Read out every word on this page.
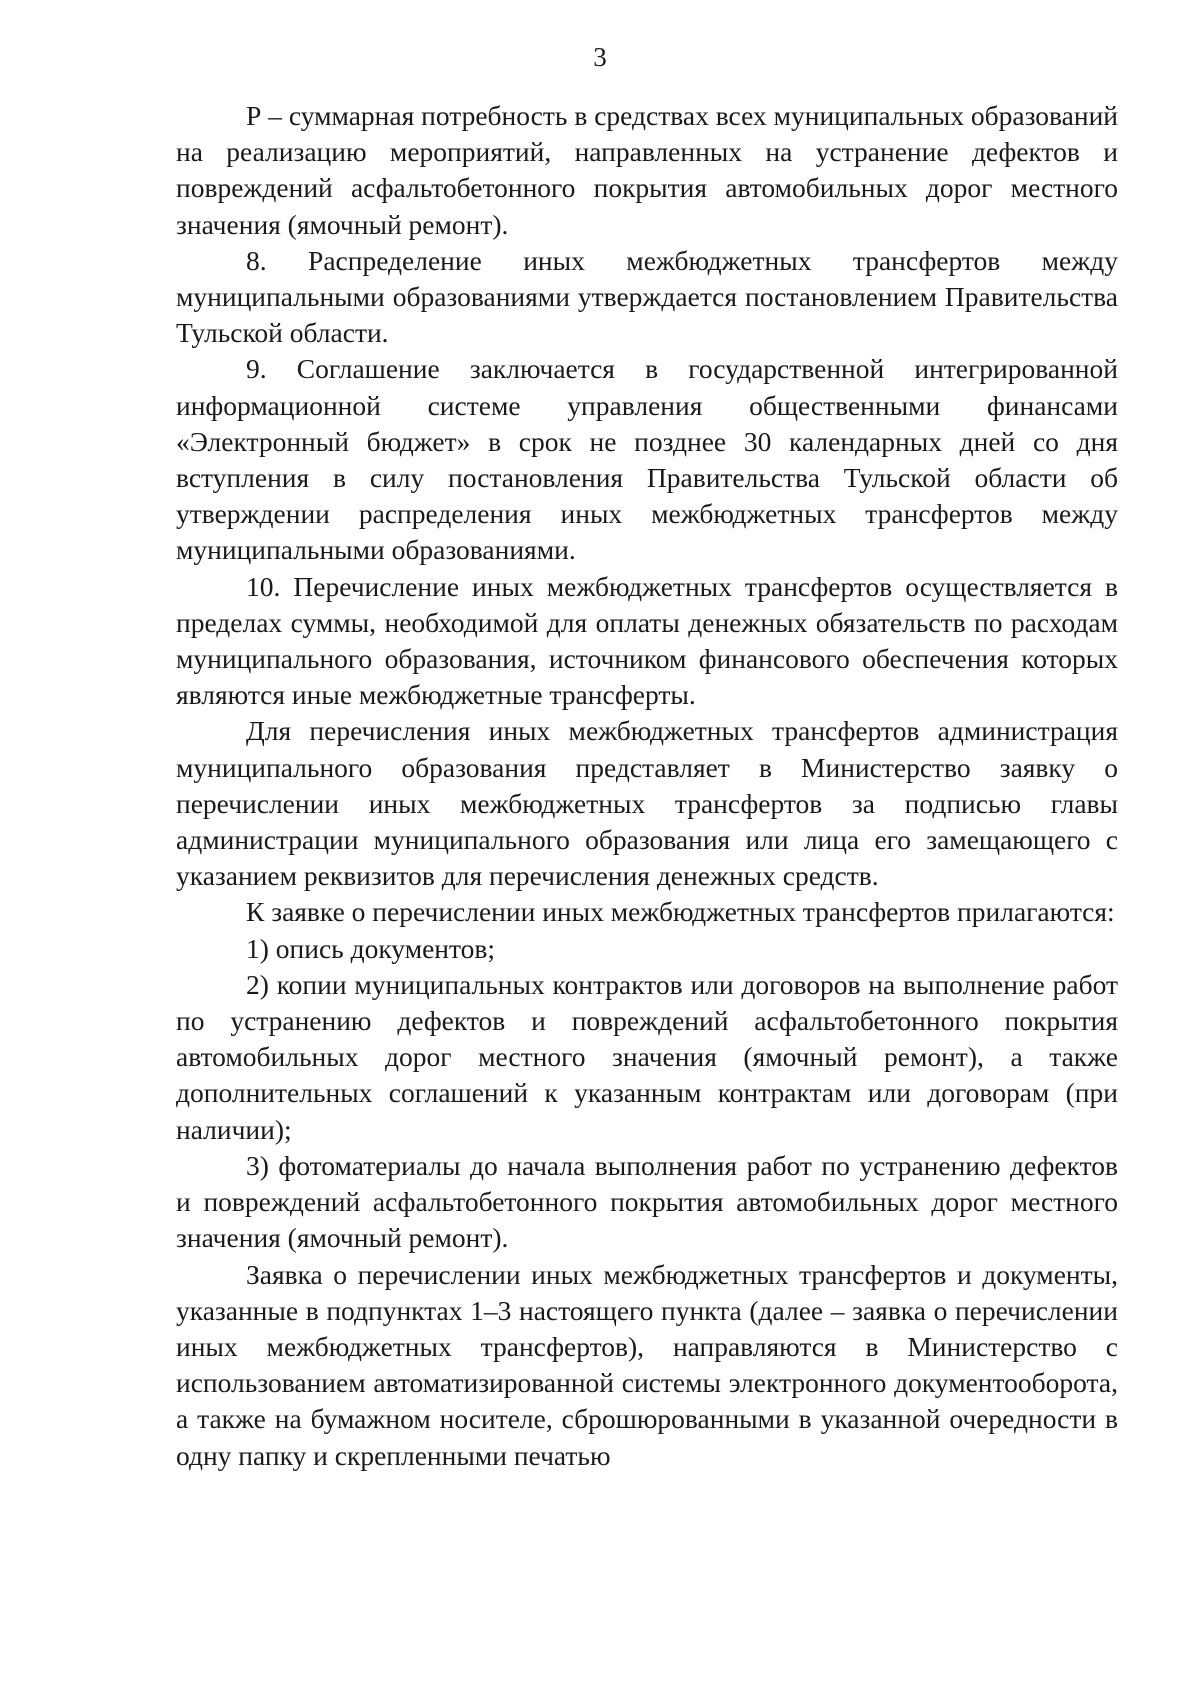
3

Р – суммарная потребность в средствах всех муниципальных образований на реализацию мероприятий, направленных на устранение дефектов и повреждений асфальтобетонного покрытия автомобильных дорог местного значения (ямочный ремонт).

8. Распределение иных межбюджетных трансфертов между муниципальными образованиями утверждается постановлением Правительства Тульской области.

9. Соглашение заключается в государственной интегрированной информационной системе управления общественными финансами «Электронный бюджет» в срок не позднее 30 календарных дней со дня вступления в силу постановления Правительства Тульской области об утверждении распределения иных межбюджетных трансфертов между муниципальными образованиями.

10. Перечисление иных межбюджетных трансфертов осуществляется в пределах суммы, необходимой для оплаты денежных обязательств по расходам муниципального образования, источником финансового обеспечения которых являются иные межбюджетные трансферты.

Для перечисления иных межбюджетных трансфертов администрация муниципального образования представляет в Министерство заявку о перечислении иных межбюджетных трансфертов за подписью главы администрации муниципального образования или лица его замещающего с указанием реквизитов для перечисления денежных средств.

К заявке о перечислении иных межбюджетных трансфертов прилагаются:

1) опись документов;

2) копии муниципальных контрактов или договоров на выполнение работ по устранению дефектов и повреждений асфальтобетонного покрытия автомобильных дорог местного значения (ямочный ремонт), а также дополнительных соглашений к указанным контрактам или договорам (при наличии);

3) фотоматериалы до начала выполнения работ по устранению дефектов и повреждений асфальтобетонного покрытия автомобильных дорог местного значения (ямочный ремонт).

Заявка о перечислении иных межбюджетных трансфертов и документы, указанные в подпунктах 1–3 настоящего пункта (далее – заявка о перечислении иных межбюджетных трансфертов), направляются в Министерство с использованием автоматизированной системы электронного документооборота, а также на бумажном носителе, сброшюрованными в указанной очередности в одну папку и скрепленными печатью
